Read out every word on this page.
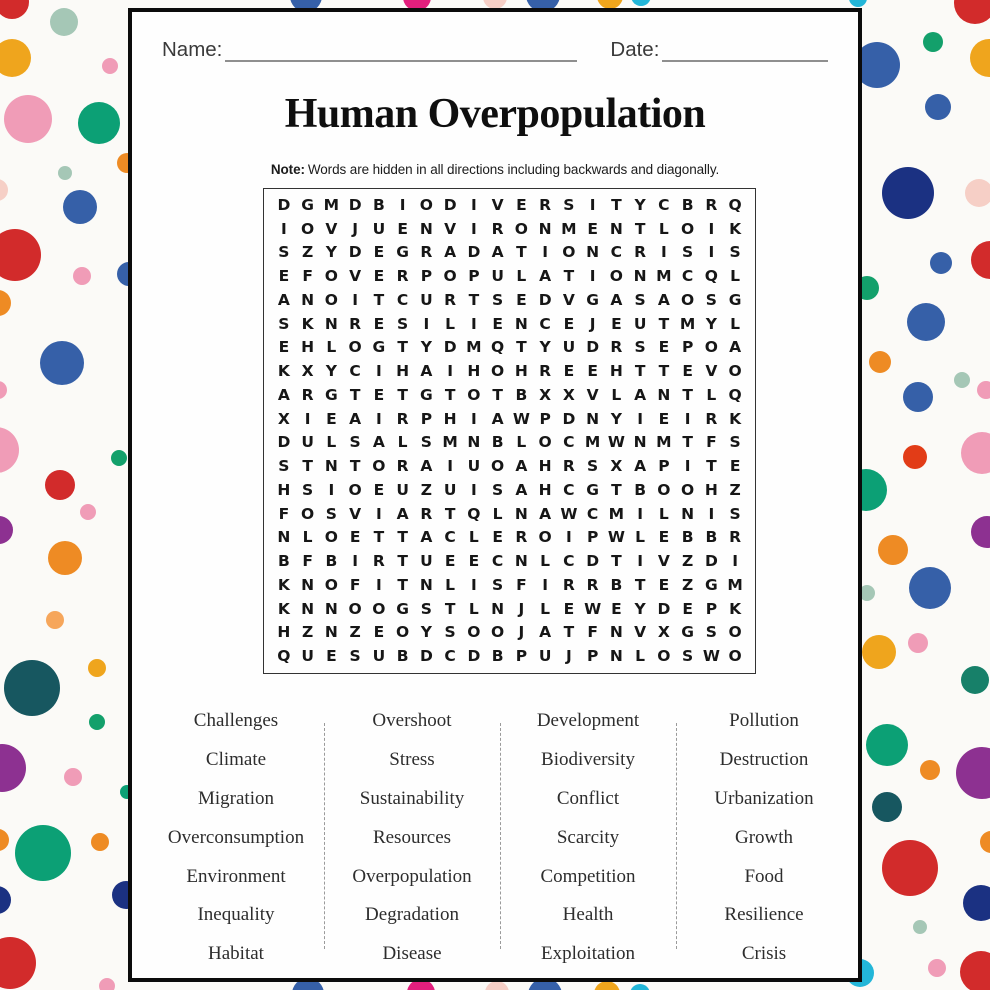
Name:	Date:
Human Overpopulation
Note: Words are hidden in all directions including backwards and diagonally.
D G M D B I O D I V E R S I	T Y C B R Q
I O V J U E N V I R O N M E N T L O I K
S Z Y D E G R A D A T	I O N C R I S I S
E F O V E R P O P U L A T	I O N M C Q L
A N O I	T C U R T S E D V G A S A O S G
S K N R E S I	L	I	E N C E	J	E U T M Y L
E H L O G T Y D M Q T Y U D R S E P O A
K X Y C I H A I H O H R E E H T T E V O
A R G T E T G T O T B X X V L A N T L Q
X I	E A I R P H I A W P D N Y I	E	I R K
D U L S A L S M N B L O C M W N M T F S
S T N T O R A I U O A H R S X A P I	T E
H S I O E U Z U I S A H C G T B O O H Z
F O S V I A R T Q L N A W C M I	L N I S
N L O E T T A C L E R O I P W L E B B R
B F B I R T U E E C N L C D T	I V Z D I
K N O F	I	T N L	I S F	I R R B T E Z G M
K N N O O G S T L N J	L E W E Y D E P K
H Z N Z E O Y S O O J A T F N V X G S O
Q U E S U B D C D B P U J P N L O S W O
Challenges
Climate
Migration
Overconsumption
Environment
Inequality
Habitat
Overshoot
Stress
Sustainability
Resources
Overpopulation
Degradation
Disease
Development
Biodiversity
Conflict
Scarcity
Competition
Health
Exploitation
Pollution
Destruction
Urbanization
Growth
Food
Resilience
Crisis
